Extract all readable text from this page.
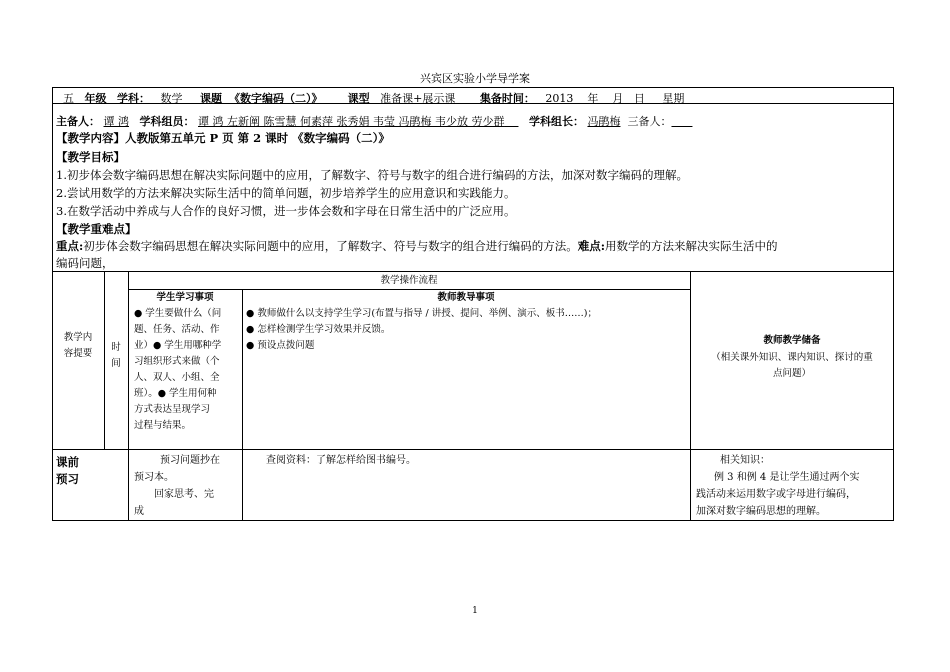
兴宾区实验小学导学案
五 年级 学科： 数学 课题 《数字编码（二）》 课型 准备课+展示课 集备时间： 2013 年 月 日 星期
主备人： 谭 鸿 学科组员： 谭 鸿 左新阐 陈雪慧 何素萍 张秀娟 韦莹 冯鹃梅 韦少放 劳少群 学科组长： 冯鹃梅 三备人：
【教学内容】人教版第五单元 P 页 第 2 课时 《数字编码（二）》
【教学目标】
1.初步体会数字编码思想在解决实际问题中的应用，了解数字、符号与数字的组合进行编码的方法，加深对数字编码的理解。
2.尝试用数学的方法来解决实际生活中的简单问题，初步培养学生的应用意识和实践能力。
3.在数学活动中养成与人合作的良好习惯，进一步体会数和字母在日常生活中的广泛应用。
【教学重难点】
重点:初步体会数字编码思想在解决实际问题中的应用，了解数字、符号与数字的组合进行编码的方法。难点:用数学的方法来解决实际生活中的
编码问题，
教学内
容提要
时
间
教学操作流程
学生学习事项
● 学生要做什么（问
题、任务、活动、作
业）● 学生用哪种学
习组织形式来做（个
人、双人、小组、全
班）。● 学生用何种
方式表达呈现学习
过程与结果。
教师教导事项
● 教师做什么以支持学生学习(布置与指导 / 讲授、提问、举例、演示、板书……)；
● 怎样检测学生学习效果并反馈。
● 预设点拨问题	教师教学储备
（相关课外知识、课内知识、探讨的重
点问题）
课前
预习
预习问题抄在
预习本。
回家思考、完
成
查阅资料：了解怎样给图书编号。	相关知识：
例 3 和例 4 是让学生通过两个实
践活动来运用数字或字母进行编码，
加深对数字编码思想的理解。
1
